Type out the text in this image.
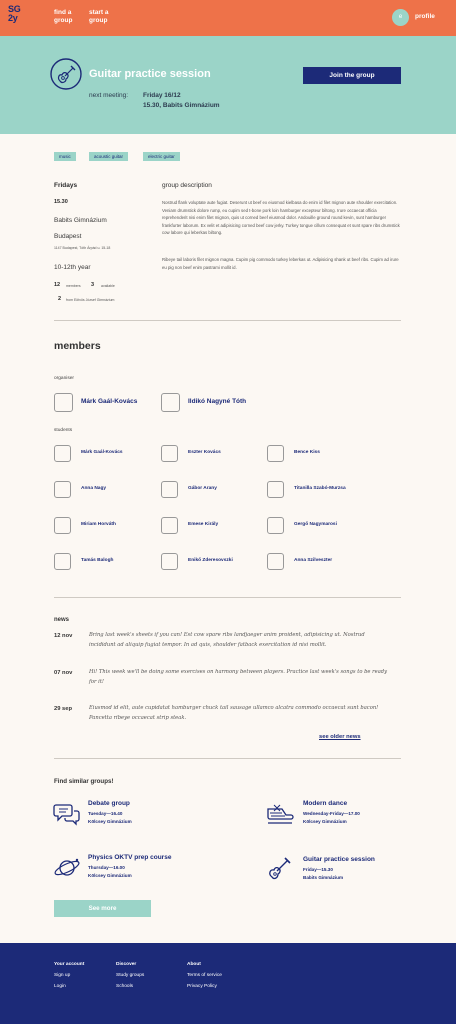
SG
2y
find a group
start a group	e	profile
Guitar practice session
next meeting: Friday 16/12
15.30, Babits Gimnázium
Join the group
music	acoustic guitar	electric guitar
Fridays
15.30
Babits Gimnázium
Budapest
1147 Budapest, Tóth Árpád u. 15-18
10-12th year
12 members 3 available
2 from Eötvös József Gimnázium
group description
Nostrud flank voluptate aute fugiat. Deserunt ut beef ex eiusmod kielbasa do enim id filet mignon aute shoulder exercitation. Veniam drumstick dolore rump, eu cupim sed t-bone pork loin hamburger excepteur biltong. Irure occaecat officia reprehenderit nisi enim filet mignon, quis ut corned beef eiusmod dolor. Andouille ground round kevin, sunt hamburger frankfurter laborum. Ex velit et adipisicing corned beef cow jerky. Turkey tongue cillum consequat et sunt spare ribs drumstick cow labore qui leberkas biltong.
Ribeye tail laboris filet mignon magna. Cupim pig commodo turkey leberkas ut. Adipisicing shank ut beef ribs. Cupim ad irure eu pig non beef enim pastrami mollit id.
members
organiser
Márk Gaál-Kovács	Ildikó Nagyné Tóth
students
Márk Gaál-Kovács	Eszter Kovács	Bence Kiss
Anna Nagy	Gábor Arany	Titanilla Szabó-Murzsa
Miriam Horváth	Emese Király	Gergő Nagymarosi
Tamás Balogh	Enikő Zderesovszki	Anna Szilveszter
news
12 nov	Bring last week's sheets if you can! Est cow spare ribs landjaeger anim proident, adipisicing ut. Nostrud incididunt ad aliquip fugiat tempor. In ad quis, shoulder fatback exercitation id nisi mollit.
07 nov	Hi! This week we'll be doing some exercises on harmony between players. Practice last week's songs to be ready for it!
29 sep	Eiusmod id elit, aute cupidatat hamburger chuck tail sausage ullamco alcatra commodo occaecat sunt bacon! Pancetta ribeye occaecat strip steak.
see older news
Find similar groups!
Debate group
Tuesday—16.40
Kölcsey Gimnázium
Modern dance
Wednesday-Friday—17.00
Kölcsey Gimnázium
Physics OKTV prep course
Thursday—16.00
Kölcsey Gimnázium
Guitar practice session
Friday—15.30
Babits Gimnázium
See more
Your account
Sign up
Login
Discover
Study groups
Schools
About
Terms of service
Privacy Policy
